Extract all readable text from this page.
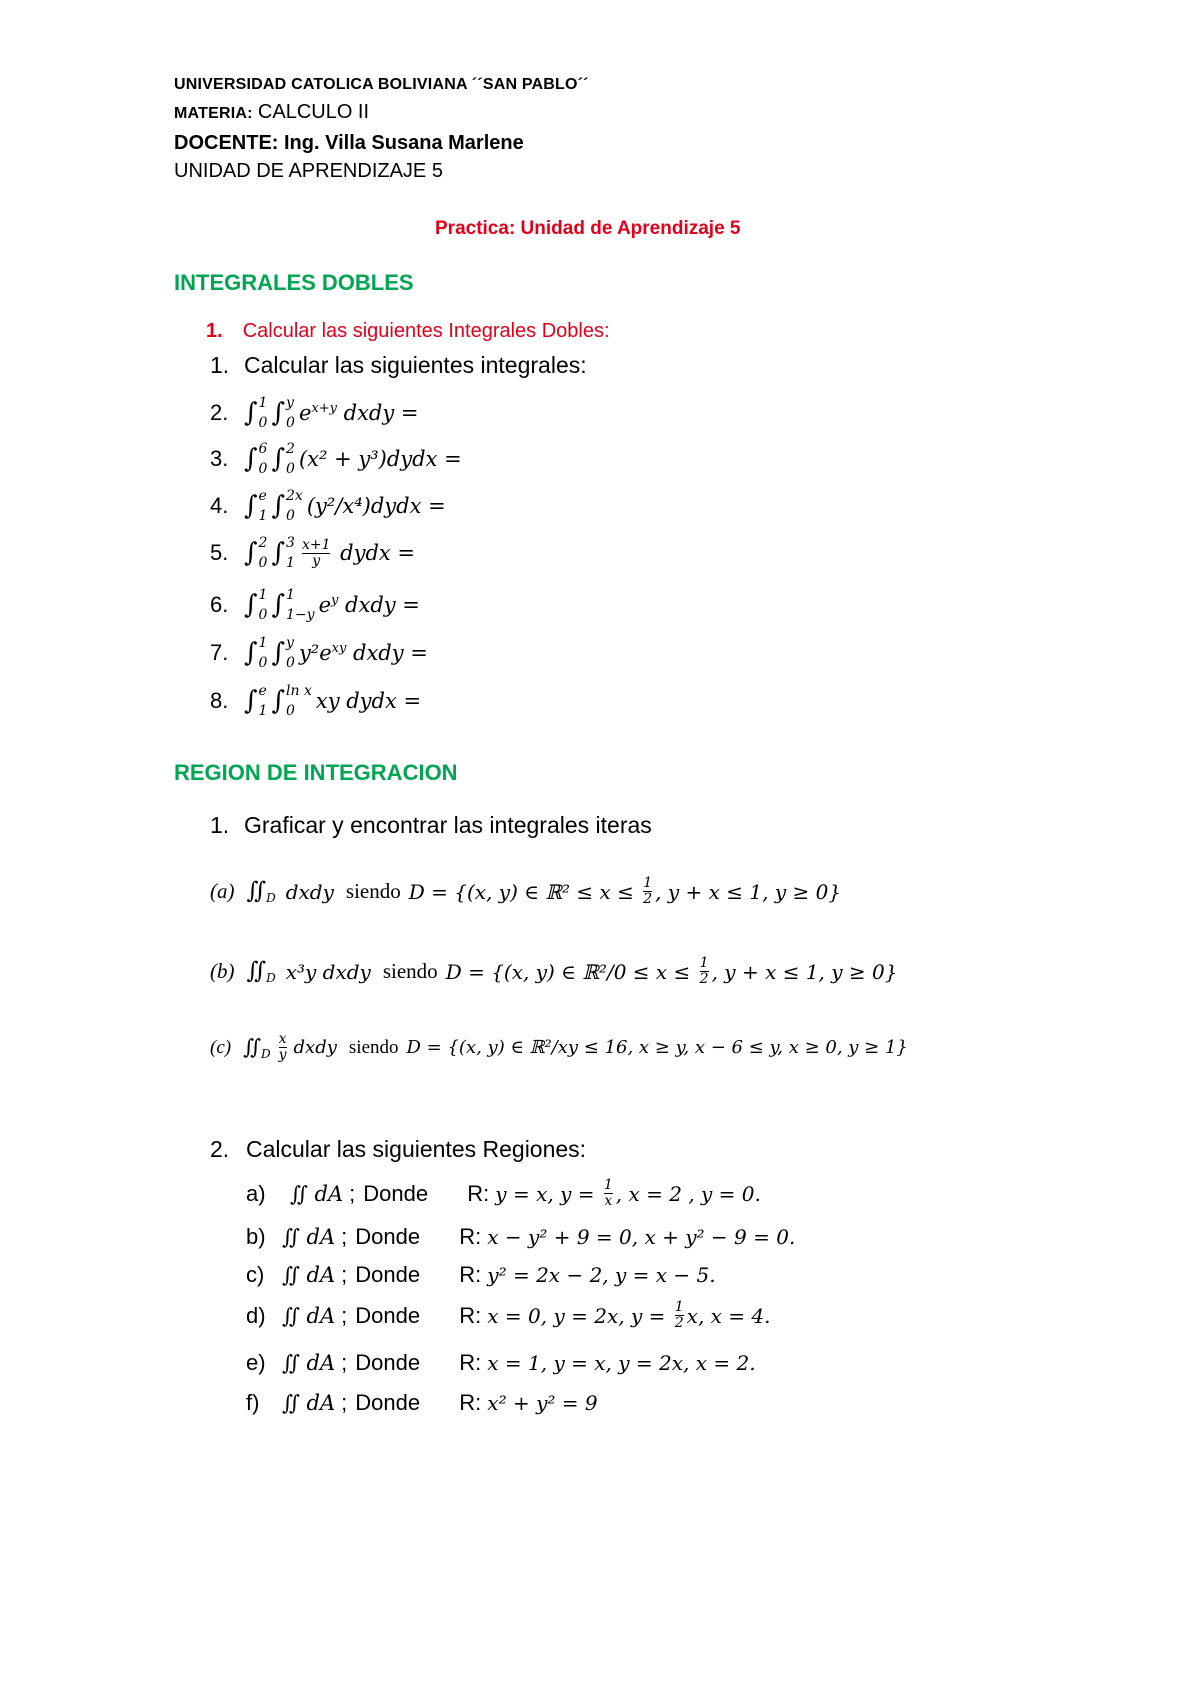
UNIVERSIDAD CATOLICA BOLIVIANA ´´SAN PABLO´´
MATERIA: CALCULO II
DOCENTE: Ing. Villa Susana Marlene
UNIDAD DE APRENDIZAJE 5
Practica: Unidad de Aprendizaje 5
INTEGRALES DOBLES
1. Calcular las siguientes Integrales Dobles:
1. Calcular las siguientes integrales:
2. ∫ 1
0 ∫ y
0 $e^{x+y}$ dxdy =
3. ∫ 6
0 ∫ 2
0 (x² + y³)dydx =
4. ∫ e
1 ∫ 2x
0 (y²/x⁴)dydx =
5. ∫ 2
0 ∫ 3
$1 \frac{x+1}{y}$ dydx =
6. ∫ 1
0 ∫ 1
1−y $e^y$ dxdy =
7. ∫ 1
0 ∫ y
0 $y^2e^{xy}$ dxdy =
8. ∫ e
1 ∫ ln x
0 xy dydx =
REGION DE INTEGRACION
1. Graficar y encontrar las integrales iteras
(a) ∬D dxdy siendo D = {(x, y) ∈ ℝ² ≤ $x \le \frac{1}{2}$ , y + x ≤ 1, y ≥ 0}
(b) ∬D x³y dxdy siendo D = {(x, y) ∈ ℝ²/0 ≤ $x \le \frac{1}{2}$ , y + x ≤ 1, y ≥ 0}
(c) ∬D $\frac{x}{y}$ dxdy siendo D = {(x, y) ∈ ℝ²/xy ≤ 16, x ≥ y, x − 6 ≤ y, x ≥ 0, y ≥ 1}
2. Calcular las siguientes Regiones:
a)	∬ dA ; Donde	R: y = x, $y = \frac{1}{x}$ , x = 2 , y = 0.
b) ∬ dA ; Donde	R: x − y² + 9 = 0, x + y² − 9 = 0.
c) ∬ dA ; Donde	R: y² = 2x − 2, y = x − 5.
d) ∬ dA ; Donde	R: x = 0, y = 2x, $y = \frac{1}{2} x$, x = 4.
e) ∬ dA ; Donde	R: x = 1, y = x, y = 2x, x = 2.
f)	∬ dA ; Donde	R: x² + y² = 9
